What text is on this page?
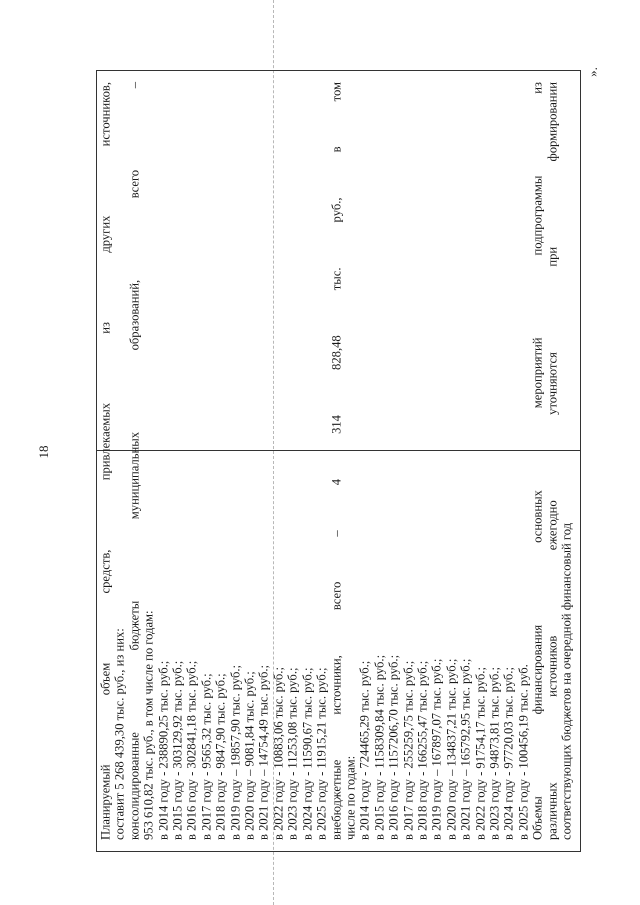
18	Планируемый объем средств, привлекаемых из других источников, составит 5 268 439,30 тыс. руб., из них: консолидированные бюджеты муниципальных образований, всего – 953 610,82 тыс. руб., в том числе по годам: в 2014 году - 238890,25 тыс. руб.; в 2015 году - 303129,92 тыс. руб.; в 2016 году - 302841,18 тыс. руб.; в 2017 году - 9565,32 тыс. руб.; в 2018 году - 9847,90 тыс. руб.; в 2019 году – 19857,90 тыс. руб.; в 2020 году – 9081,84 тыс. руб.; в 2021 году – 14754,49 тыс. руб.; в 2022 году - 10883,06 тыс. руб.; в 2023 году - 11253,08 тыс. руб.; в 2024 году - 11590,67 тыс. руб.; в 2025 году - 11915,21 тыс. руб.; внебюджетные источники, всего – 4 314 828,48 тыс. руб., в том числе по годам: в 2014 году - 724465,29 тыс. руб.; в 2015 году - 1158309,84 тыс. руб.; в 2016 году - 1157206,70 тыс. руб.; в 2017 году - 255259,75 тыс. руб.; в 2018 году - 166255,47 тыс. руб.; в 2019 году – 167897,07 тыс. руб.; в 2020 году – 134837,21 тыс. руб.; в 2021 году – 165792,95 тыс. руб.; в 2022 году - 91754,17 тыс. руб.; в 2023 году - 94873,81 тыс. руб.; в 2024 году - 97720,03 тыс. руб.; в 2025 году - 100456,19 тыс. руб. Объемы финансирования основных мероприятий подпрограммы из различных источников ежегодно уточняются при формировании соответствующих бюджетов на очередной финансовый год
».
